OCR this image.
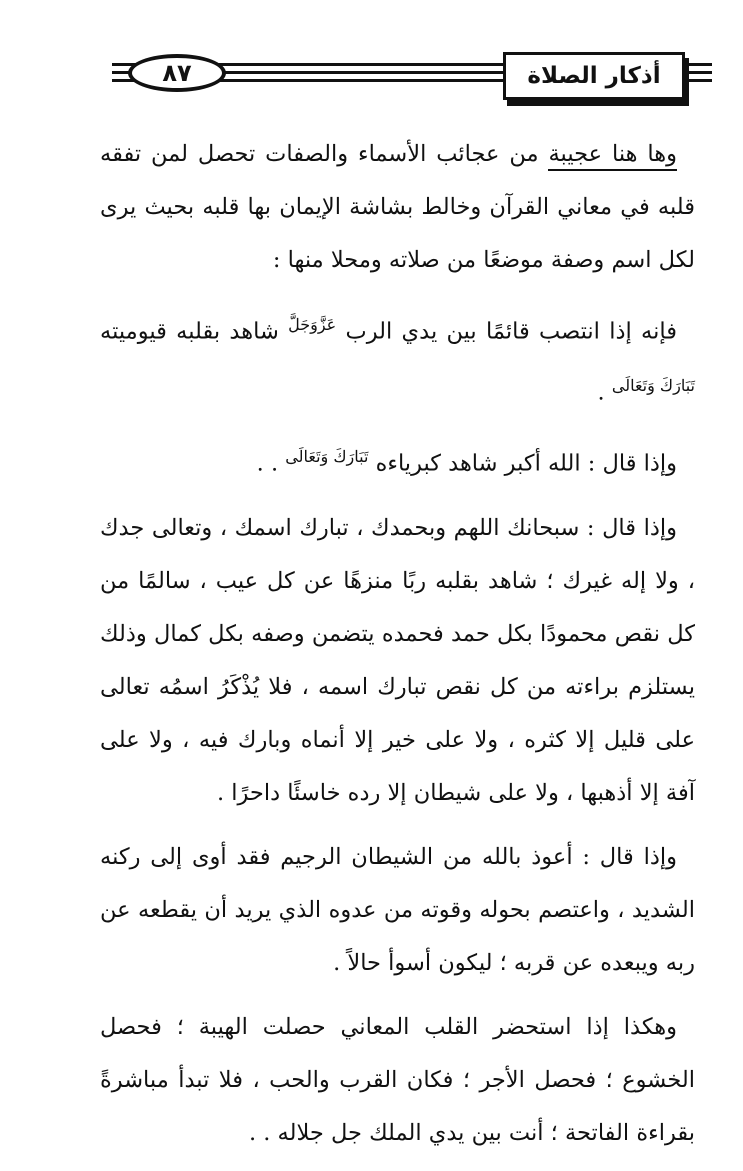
٨٧	أذكار الصلاة

وها هنا عجيبة من عجائب الأسماء والصفات تحصل لمن تفقه قلبه في معاني القرآن وخالط بشاشة الإيمان بها قلبه بحيث يرى لكل اسم وصفة موضعًا من صلاته ومحلا منها :

فإنه إذا انتصب قائمًا بين يدي الرب $^{عَزَّوَجَلَّ}$ شاهد بقلبه قيوميته $^{تَبَارَكَ وَتَعَالَى}$ .

وإذا قال : الله أكبر شاهد كبرياءه $^{تَبَارَكَ وَتَعَالَى}$ . .

وإذا قال : سبحانك اللهم وبحمدك ، تبارك اسمك ، وتعالى جدك ، ولا إله غيرك ؛ شاهد بقلبه ربًا منزهًا عن كل عيب ، سالمًا من كل نقص محمودًا بكل حمد فحمده يتضمن وصفه بكل كمال وذلك يستلزم براءته من كل نقص تبارك اسمه ، فلا يُذْكَرُ اسمُه تعالى على قليل إلا كثره ، ولا على خير إلا أنماه وبارك فيه ، ولا على آفة إلا أذهبها ، ولا على شيطان إلا رده خاسئًا داحرًا .

وإذا قال : أعوذ بالله من الشيطان الرجيم فقد أوى إلى ركنه الشديد ، واعتصم بحوله وقوته من عدوه الذي يريد أن يقطعه عن ربه ويبعده عن قربه ؛ ليكون أسوأ حالاً .

وهكذا إذا استحضر القلب المعاني حصلت الهيبة ؛ فحصل الخشوع ؛ فحصل الأجر ؛ فكان القرب والحب ، فلا تبدأ مباشرةً بقراءة الفاتحة ؛ أنت بين يدي الملك جل جلاله . .
